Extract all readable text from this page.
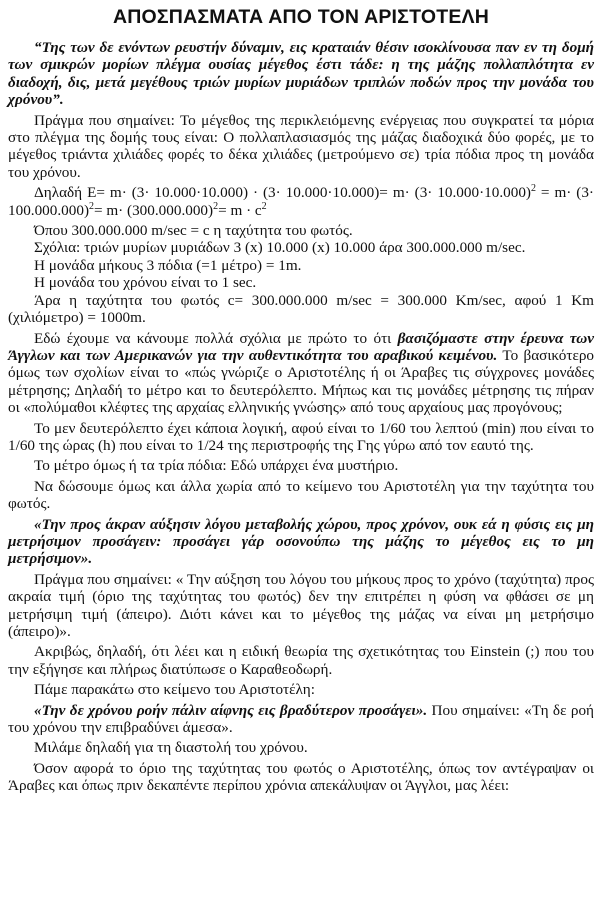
ΑΠΟΣΠΑΣΜΑΤΑ ΑΠΟ ΤΟΝ ΑΡΙΣΤΟΤΕΛΗ

“Της των δε ενόντων ρευστήν δύναμιν, εις κραταιάν θέσιν ισοκλίνουσα παν εν τη δομή των σμικρών μορίων πλέγμα ουσίας μέγεθος έστι τάδε: η της μάζης πολλαπλότητα εν διαδοχή, δις, μετά μεγέθους τριών μυρίων μυριάδων τριπλών ποδών προς την μονάδα του χρόνου”.

Πράγμα που σημαίνει: Το μέγεθος της περικλειόμενης ενέργειας που συγκρατεί τα μόρια στο πλέγμα της δομής τους είναι: Ο πολλαπλασιασμός της μάζας διαδοχικά δύο φορές, με το μέγεθος τριάντα χιλιάδες φορές το δέκα χιλιάδες (μετρούμενο σε) τρία πόδια προς τη μονάδα του χρόνου.

Δηλαδή $E= m\cdot (3\cdot 10.000\cdot 10.000) \cdot (3\cdot 10.000\cdot 10.000)= m\cdot (3\cdot 10.000\cdot 10.000)^2 = m\cdot (3\cdot 100.000.000)^2= m\cdot (300.000.000)^2= m \cdot c^2$

Όπου 300.000.000 m/sec = c η ταχύτητα του φωτός.

Σχόλια: τριών μυρίων μυριάδων 3 (x) 10.000 (x) 10.000 άρα 300.000.000 m/sec.

Η μονάδα μήκους 3 πόδια (=1 μέτρο) = 1m.

Η μονάδα του χρόνου είναι το 1 sec.

Άρα η ταχύτητα του φωτός c= 300.000.000 m/sec = 300.000 Km/sec, αφού 1 Km (χιλιόμετρο) = 1000m.

Εδώ έχουμε να κάνουμε πολλά σχόλια με πρώτο το ότι βασιζόμαστε στην έρευνα των Άγγλων και των Αμερικανών για την αυθεντικότητα του αραβικού κειμένου. Το βασικότερο όμως των σχολίων είναι το «πώς γνώριζε ο Αριστοτέλης ή οι Άραβες τις σύγχρονες μονάδες μέτρησης; Δηλαδή το μέτρο και το δευτερόλεπτο. Μήπως και τις μονάδες μέτρησης τις πήραν οι «πολύμαθοι κλέφτες της αρχαίας ελληνικής γνώσης» από τους αρχαίους μας προγόνους;

Το μεν δευτερόλεπτο έχει κάποια λογική, αφού είναι το 1/60 του λεπτού (min) που είναι το 1/60 της ώρας (h) που είναι το 1/24 της περιστροφής της Γης γύρω από τον εαυτό της.

Το μέτρο όμως ή τα τρία πόδια: Εδώ υπάρχει ένα μυστήριο.

Να δώσουμε όμως και άλλα χωρία από το κείμενο του Αριστοτέλη για την ταχύτητα του φωτός.

«Την προς άκραν αύξησιν λόγου μεταβολής χώρου, προς χρόνον, ουκ εά η φύσις εις μη μετρήσιμον προσάγειν: προσάγει γάρ οσονούπω της μάζης το μέγεθος εις το μη μετρήσιμον».

Πράγμα που σημαίνει: « Την αύξηση του λόγου του μήκους προς το χρόνο (ταχύτητα) προς ακραία τιμή (όριο της ταχύτητας του φωτός) δεν την επιτρέπει η φύση να φθάσει σε μη μετρήσιμη τιμή (άπειρο). Διότι κάνει και το μέγεθος της μάζας να είναι μη μετρήσιμο (άπειρο)».

Ακριβώς, δηλαδή, ότι λέει και η ειδική θεωρία της σχετικότητας του Einstein (;) που του την εξήγησε και πλήρως διατύπωσε ο Καραθεοδωρή.

Πάμε παρακάτω στο κείμενο του Αριστοτέλη:

«Την δε χρόνου ροήν πάλιν αίφνης εις βραδύτερον προσάγει». Που σημαίνει: «Τη δε ροή του χρόνου την επιβραδύνει άμεσα».

Μιλάμε δηλαδή για τη διαστολή του χρόνου.

Όσον αφορά το όριο της ταχύτητας του φωτός ο Αριστοτέλης, όπως τον αντέγραψαν οι Άραβες και όπως πριν δεκαπέντε περίπου χρόνια απεκάλυψαν οι Άγγλοι, μας λέει:
